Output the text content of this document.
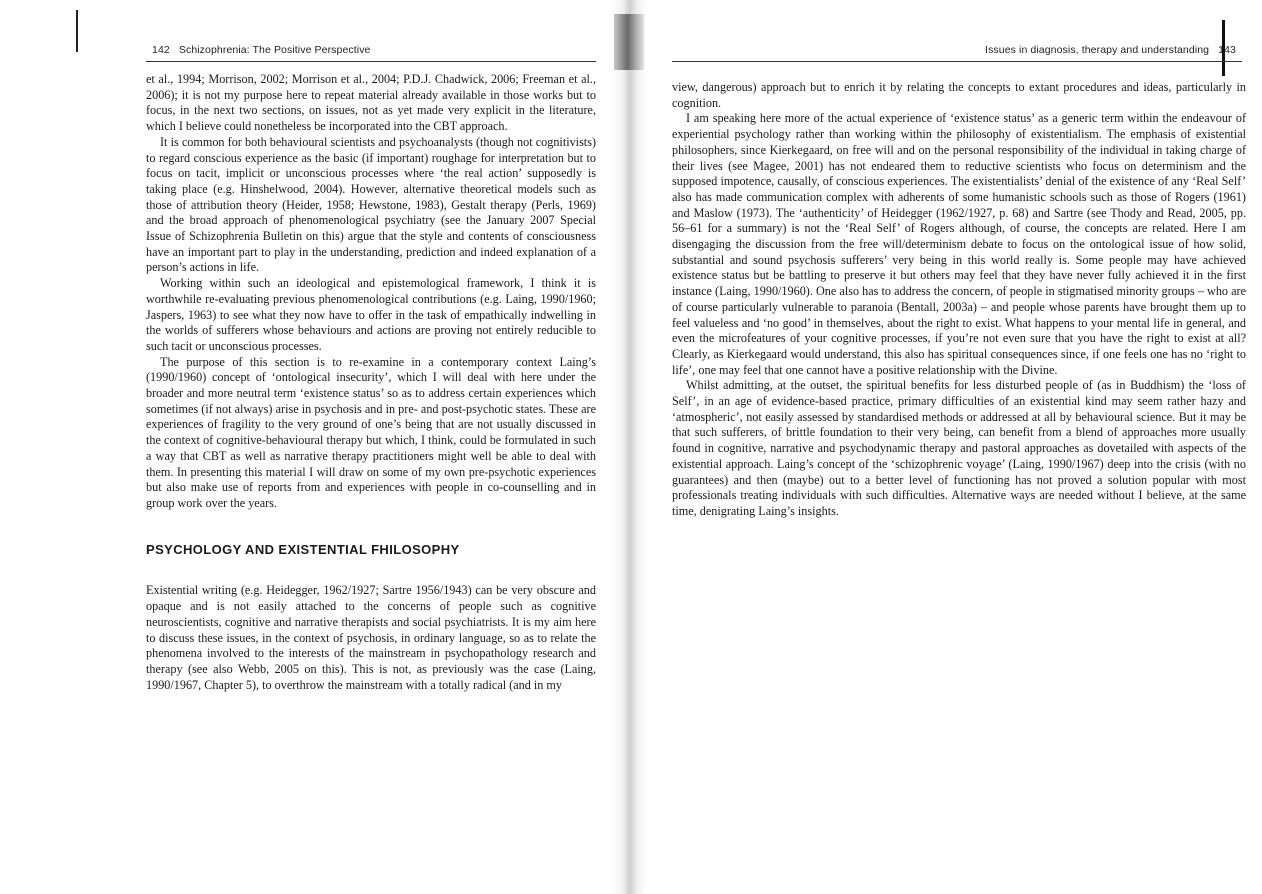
142 Schizophrenia: The Positive Perspective

et al., 1994; Morrison, 2002; Morrison et al., 2004; P.D.J. Chadwick, 2006; Freeman et al., 2006); it is not my purpose here to repeat material already available in those works but to focus, in the next two sections, on issues, not as yet made very explicit in the literature, which I believe could nonetheless be incorporated into the CBT approach.

It is common for both behavioural scientists and psychoanalysts (though not cognitivists) to regard conscious experience as the basic (if important) roughage for interpretation but to focus on tacit, implicit or unconscious processes where ‘the real action’ supposedly is taking place (e.g. Hinshelwood, 2004). However, alternative theoretical models such as those of attribution theory (Heider, 1958; Hewstone, 1983), Gestalt therapy (Perls, 1969) and the broad approach of phenomenological psychiatry (see the January 2007 Special Issue of Schizophrenia Bulletin on this) argue that the style and contents of consciousness have an important part to play in the understanding, prediction and indeed explanation of a person’s actions in life.

Working within such an ideological and epistemological framework, I think it is worthwhile re-evaluating previous phenomenological contributions (e.g. Laing, 1990/1960; Jaspers, 1963) to see what they now have to offer in the task of empathically indwelling in the worlds of sufferers whose behaviours and actions are proving not entirely reducible to such tacit or unconscious processes.

The purpose of this section is to re-examine in a contemporary context Laing’s (1990/1960) concept of ‘ontological insecurity’, which I will deal with here under the broader and more neutral term ‘existence status’ so as to address certain experiences which sometimes (if not always) arise in psychosis and in pre- and post-psychotic states. These are experiences of fragility to the very ground of one’s being that are not usually discussed in the context of cognitive-behavioural therapy but which, I think, could be formulated in such a way that CBT as well as narrative therapy practitioners might well be able to deal with them. In presenting this material I will draw on some of my own pre-psychotic experiences but also make use of reports from and experiences with people in co-counselling and in group work over the years.

PSYCHOLOGY AND EXISTENTIAL FHILOSOPHY

Existential writing (e.g. Heidegger, 1962/1927; Sartre 1956/1943) can be very obscure and opaque and is not easily attached to the concerns of people such as cognitive neuroscientists, cognitive and narrative therapists and social psychiatrists. It is my aim here to discuss these issues, in the context of psychosis, in ordinary language, so as to relate the phenomena involved to the interests of the mainstream in psychopathology research and therapy (see also Webb, 2005 on this). This is not, as previously was the case (Laing, 1990/1967, Chapter 5), to overthrow the mainstream with a totally radical (and in my

Issues in diagnosis, therapy and understanding 143

view, dangerous) approach but to enrich it by relating the concepts to extant procedures and ideas, particularly in cognition.

I am speaking here more of the actual experience of ‘existence status’ as a generic term within the endeavour of experiential psychology rather than working within the philosophy of existentialism. The emphasis of existential philosophers, since Kierkegaard, on free will and on the personal responsibility of the individual in taking charge of their lives (see Magee, 2001) has not endeared them to reductive scientists who focus on determinism and the supposed impotence, causally, of conscious experiences. The existentialists’ denial of the existence of any ‘Real Self’ also has made communication complex with adherents of some humanistic schools such as those of Rogers (1961) and Maslow (1973). The ‘authenticity’ of Heidegger (1962/1927, p. 68) and Sartre (see Thody and Read, 2005, pp. 56–61 for a summary) is not the ‘Real Self’ of Rogers although, of course, the concepts are related. Here I am disengaging the discussion from the free will/determinism debate to focus on the ontological issue of how solid, substantial and sound psychosis sufferers’ very being in this world really is. Some people may have achieved existence status but be battling to preserve it but others may feel that they have never fully achieved it in the first instance (Laing, 1990/1960). One also has to address the concern, of people in stigmatised minority groups – who are of course particularly vulnerable to paranoia (Bentall, 2003a) – and people whose parents have brought them up to feel valueless and ‘no good’ in themselves, about the right to exist. What happens to your mental life in general, and even the microfeatures of your cognitive processes, if you’re not even sure that you have the right to exist at all? Clearly, as Kierkegaard would understand, this also has spiritual consequences since, if one feels one has no ‘right to life’, one may feel that one cannot have a positive relationship with the Divine.

Whilst admitting, at the outset, the spiritual benefits for less disturbed people of (as in Buddhism) the ‘loss of Self’, in an age of evidence-based practice, primary difficulties of an existential kind may seem rather hazy and ‘atmospheric’, not easily assessed by standardised methods or addressed at all by behavioural science. But it may be that such sufferers, of brittle foundation to their very being, can benefit from a blend of approaches more usually found in cognitive, narrative and psychodynamic therapy and pastoral approaches as dovetailed with aspects of the existential approach. Laing’s concept of the ‘schizophrenic voyage’ (Laing, 1990/1967) deep into the crisis (with no guarantees) and then (maybe) out to a better level of functioning has not proved a solution popular with most professionals treating individuals with such difficulties. Alternative ways are needed without I believe, at the same time, denigrating Laing’s insights.
